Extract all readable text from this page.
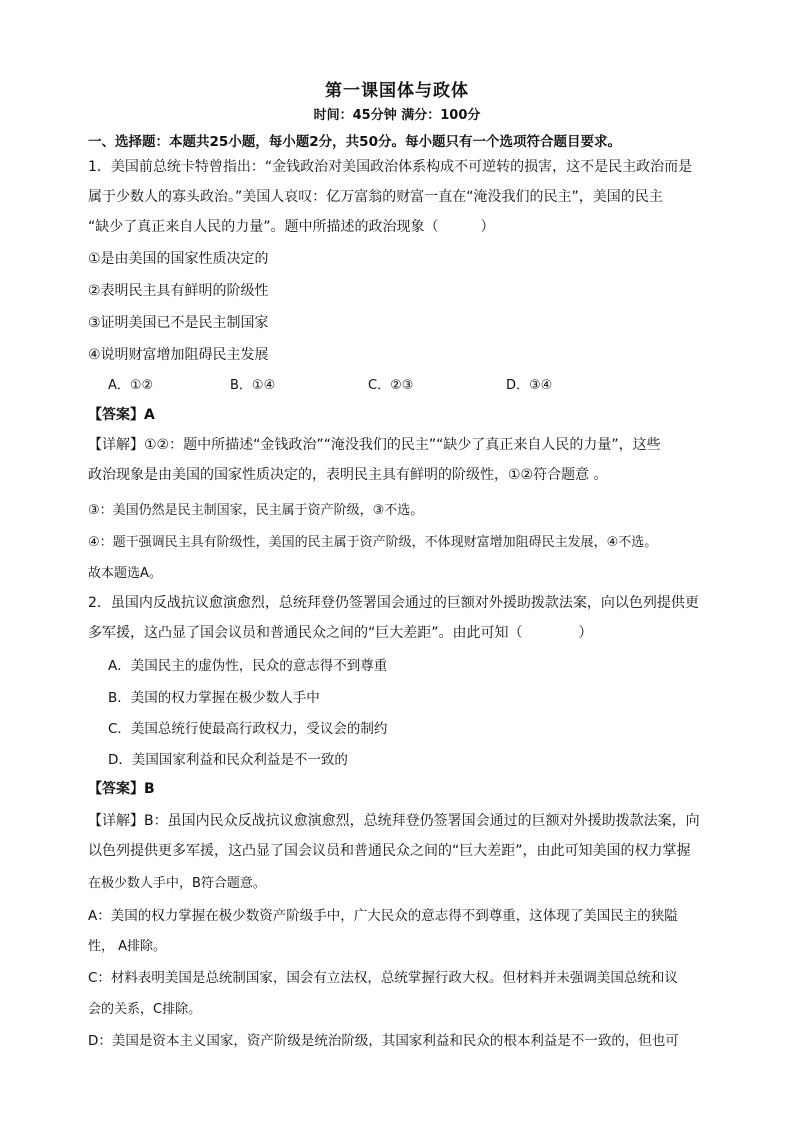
第一课国体与政体
时间：45分钟 满分：100分
一、选择题：本题共25小题，每小题2分，共50分。每小题只有一个选项符合题目要求。
1．美国前总统卡特曾指出：“金钱政治对美国政治体系构成不可逆转的损害，这不是民主政治而是
属于少数人的寡头政治。”美国人哀叹：亿万富翁的财富一直在“淹没我们的民主”，美国的民主
“缺少了真正来自人民的力量”。题中所描述的政治现象（　　　）
①是由美国的国家性质决定的
②表明民主具有鲜明的阶级性
③证明美国已不是民主制国家
④说明财富增加阻碍民主发展
A．①②	B．①④	C．②③	D．③④
【答案】A
【详解】①②：题中所描述“金钱政治”“淹没我们的民主”“缺少了真正来自人民的力量”，这些
政治现象是由美国的国家性质决定的，表明民主具有鲜明的阶级性，①②符合题意 。
③：美国仍然是民主制国家，民主属于资产阶级，③不选。
④：题干强调民主具有阶级性，美国的民主属于资产阶级，不体现财富增加阻碍民主发展，④不选。
故本题选A。
2．虽国内反战抗议愈演愈烈，总统拜登仍签署国会通过的巨额对外援助拨款法案，向以色列提供更
多军援，这凸显了国会议员和普通民众之间的“巨大差距”。由此可知（　　　　）
A．美国民主的虚伪性，民众的意志得不到尊重
B．美国的权力掌握在极少数人手中
C．美国总统行使最高行政权力，受议会的制约
D．美国国家利益和民众利益是不一致的
【答案】B
【详解】B：虽国内民众反战抗议愈演愈烈，总统拜登仍签署国会通过的巨额对外援助拨款法案，向
以色列提供更多军援，这凸显了国会议员和普通民众之间的“巨大差距”，由此可知美国的权力掌握
在极少数人手中，B符合题意。
A：美国的权力掌握在极少数资产阶级手中，广大民众的意志得不到尊重，这体现了美国民主的狭隘
性， A排除。
C：材料表明美国是总统制国家，国会有立法权，总统掌握行政大权。但材料并未强调美国总统和议
会的关系，C排除。
D：美国是资本主义国家，资产阶级是统治阶级，其国家利益和民众的根本利益是不一致的，但也可
